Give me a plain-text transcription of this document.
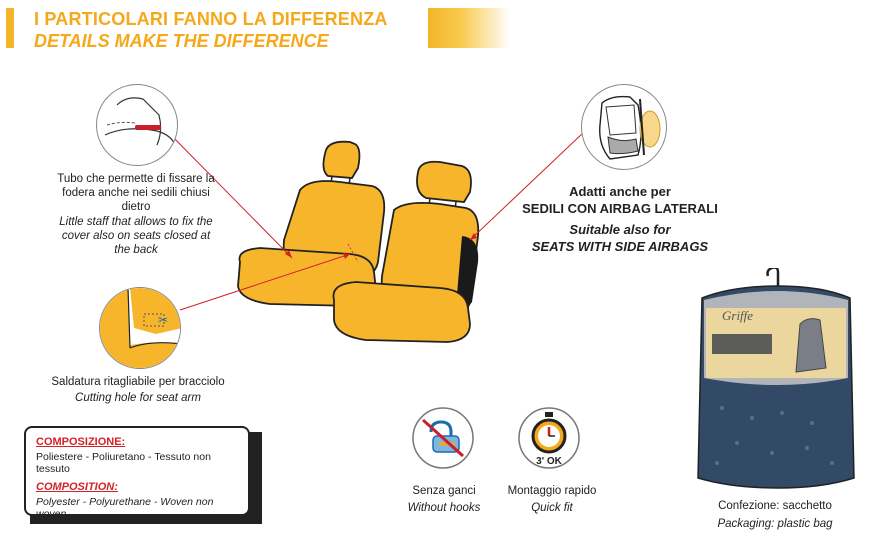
I PARTICOLARI FANNO LA DIFFERENZA
DETAILS MAKE THE DIFFERENCE
Tubo che permette di fissare la fodera anche nei sedili chiusi dietro
Little staff that allows to fix the cover also on seats closed at the back
✂
Saldatura ritagliabile per bracciolo
Cutting hole for seat arm
Adatti anche per
SEDILI CON AIRBAG LATERALI
Suitable also for
SEATS WITH SIDE AIRBAGS
COMPOSIZIONE:
Poliestere - Poliuretano - Tessuto non tessuto
COMPOSITION:
Polyester - Polyurethane - Woven non woven
Senza ganci
Without hooks
3' OK
Montaggio rapido
Quick fit
Griffe
Confezione: sacchetto
Packaging: plastic bag
